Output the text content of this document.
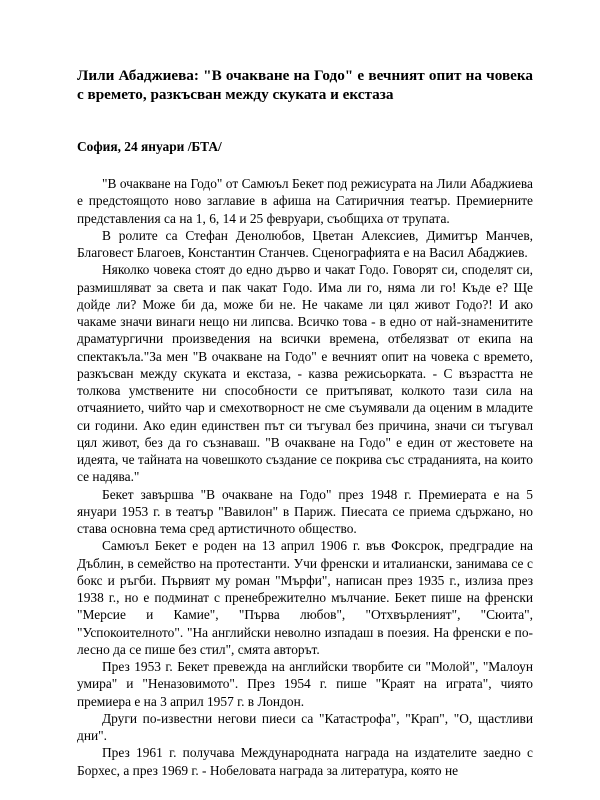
Лили Абаджиева: "В очакване на Годо" е вечният опит на човека с времето, разкъсван между скуката и екстаза

София, 24 януари /БТА/

"В очакване на Годо" от Самюъл Бекет под режисурата на Лили Абаджиева е предстоящото ново заглавие в афиша на Сатиричния театър. Премиерните представления са на 1, 6, 14 и 25 февруари, съобщиха от трупата.

В ролите са Стефан Денолюбов, Цветан Алексиев, Димитър Манчев, Благовест Благоев, Константин Станчев. Сценографията е на Васил Абаджиев.

Няколко човека стоят до едно дърво и чакат Годо. Говорят си, споделят си, размишляват за света и пак чакат Годо. Има ли го, няма ли го! Къде е? Ще дойде ли? Може би да, може би не. Не чакаме ли цял живот Годо?! И ако чакаме значи винаги нещо ни липсва. Всичко това - в едно от най-знаменитите драматургични произведения на всички времена, отбелязват от екипа на спектакъла."За мен "В очакване на Годо" е вечният опит на човека с времето, разкъсван между скуката и екстаза, - казва режисьорката. - С възрастта не толкова умствените ни способности се притъпяват, колкото тази сила на отчаянието, чийто чар и смехотворност не сме съумявали да оценим в младите си години. Ако един единствен път си тъгувал без причина, значи си тъгувал цял живот, без да го съзнаваш. "В очакване на Годо" е един от жестовете на идеята, че тайната на човешкото създание се покрива със страданията, на които се надява."

Бекет завършва "В очакване на Годо" през 1948 г. Премиерата е на 5 януари 1953 г. в театър "Вавилон" в Париж. Пиесата се приема сдържано, но става основна тема сред артистичното общество.

Самюъл Бекет е роден на 13 април 1906 г. във Фоксрок, предградие на Дъблин, в семейство на протестанти. Учи френски и италиански, занимава се с бокс и ръгби. Първият му роман "Мърфи", написан през 1935 г., излиза през 1938 г., но е подминат с пренебрежително мълчание. Бекет пише на френски "Мерсие и Камие", "Първа любов", "Отхвърленият", "Сюита", "Успокоителното". "На английски неволно изпадаш в поезия. На френски е по-лесно да се пише без стил", смята авторът.

През 1953 г. Бекет превежда на английски творбите си "Молой", "Малоун умира" и "Неназовимото". През 1954 г. пише "Краят на играта", чиято премиера е на 3 април 1957 г. в Лондон.

Други по-известни негови пиеси са "Катастрофа", "Крап", "О, щастливи дни".

През 1961 г. получава Международната награда на издателите заедно с Борхес, а през 1969 г. - Нобеловата награда за литература, която не
